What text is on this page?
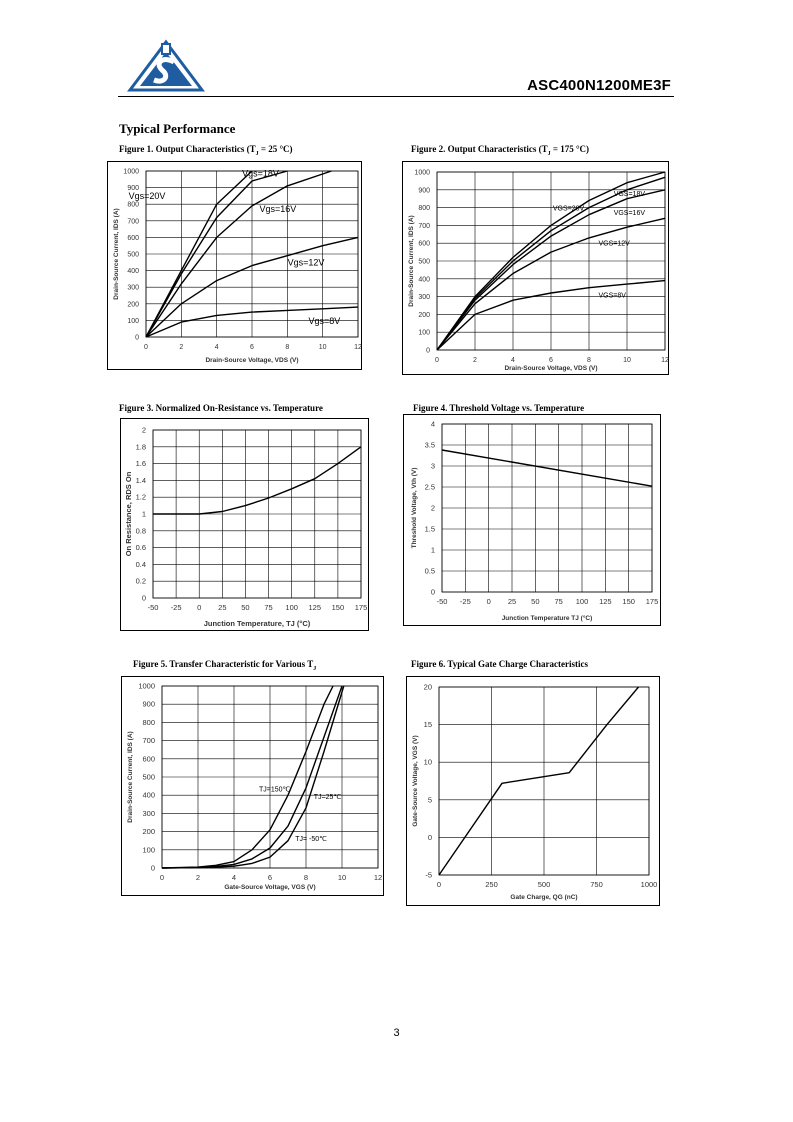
ASC400N1200ME3F
Typical Performance
Figure 1. Output Characteristics ($T_J = 25$ °C)	Figure 2. Output Characteristics ($T_J = 175$ °C)
Figure 3. Normalized On-Resistance vs. Temperature	Figure 4. Threshold Voltage vs. Temperature
Figure 5. Transfer Characteristic for Various $T_J$	Figure 6. Typical Gate Charge Characteristics
0	2	4	6	8	10	12
0
100
200
300
400
500
600
700
800
900
1000
Drain-Source Voltage, VDS (V)
Drain-Source Current, IDS (A)
Vgs=20V
Vgs=18V
Vgs=16V
Vgs=12V
Vgs=8V
0	2	4	6	8	10	12
0
100
200
300
400
500
600
700
800
900
1000
Drain-Source Voltage, VDS (V)
Drain-Source Current, IDS (A)
VGS=20V
VGS=18V
VGS=16V
VGS=12V
VGS=8V
-50 -25 0 25 50 75 100 125 150 175
0
0.2
0.4
0.6
0.8
1
1.2
1.4
1.6
1.8
2
Junction Temperature, TJ (°C)
On Resistance, RDS On
-50 -25 0 25 50 75 100 125 150 175
0
0.5
1
1.5
2
2.5
3
3.5
4
Junction Temperature TJ (°C)
Threshold Voltage, Vth (V)
0	2	4	6	8	10	12
0
100
200
300
400
500
600
700
800
900
1000
Gate-Source Voltage, VGS (V)
Drain-Source Current, IDS (A)	TJ=150℃
TJ=25℃
TJ= -50℃
0	250	500	750	1000
-5
0
5
10
15
20
Gate Charge, QG (nC)
Gate-Source Voltage, VGS (V)
3
